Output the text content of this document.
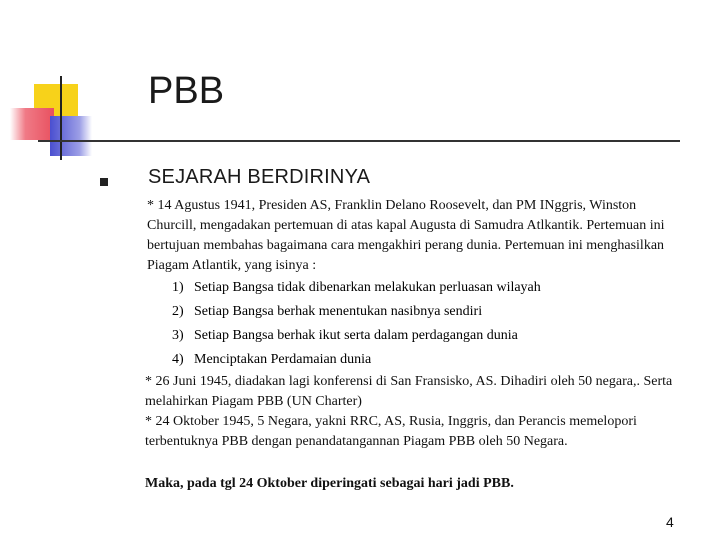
PBB
SEJARAH BERDIRINYA
* 14 Agustus 1941, Presiden AS, Franklin Delano Roosevelt, dan PM INggris, Winston Churcill, mengadakan pertemuan di atas kapal Augusta di Samudra Atlkantik. Pertemuan ini bertujuan membahas bagaimana cara mengakhiri perang dunia. Pertemuan ini menghasilkan Piagam Atlantik, yang isinya :
1) Setiap Bangsa tidak dibenarkan melakukan perluasan wilayah
2) Setiap Bangsa berhak menentukan nasibnya sendiri
3) Setiap Bangsa berhak ikut serta dalam perdagangan dunia
4) Menciptakan Perdamaian dunia
* 26 Juni 1945, diadakan lagi konferensi di San Fransisko, AS. Dihadiri oleh 50 negara,. Serta melahirkan Piagam PBB (UN Charter)
* 24 Oktober 1945, 5 Negara, yakni RRC, AS, Rusia, Inggris, dan Perancis memelopori terbentuknya PBB dengan penandatangannan Piagam PBB oleh 50 Negara.
Maka, pada tgl 24 Oktober diperingati sebagai hari jadi PBB.
4
